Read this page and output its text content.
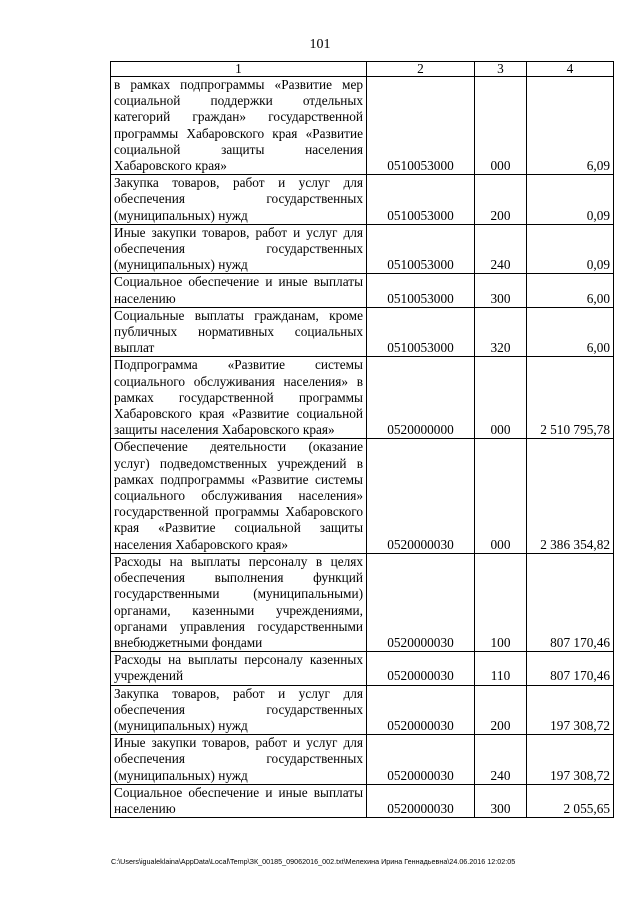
101
1	2	3	4
в рамках подпрограммы «Развитие мер социальной поддержки отдельных категорий граждан» государственной программы Хабаровского края «Развитие социальной защиты населения Хабаровского края»	0510053000	000	6,09
Закупка товаров, работ и услуг для обеспечения государственных (муниципальных) нужд	0510053000	200	0,09
Иные закупки товаров, работ и услуг для обеспечения государственных (муниципальных) нужд	0510053000	240	0,09
Социальное обеспечение и иные выплаты населению	0510053000	300	6,00
Социальные выплаты гражданам, кроме публичных нормативных социальных выплат	0510053000	320	6,00
Подпрограмма «Развитие системы социального обслуживания населения» в рамках государственной программы Хабаровского края «Развитие социальной защиты населения Хабаровского края»	0520000000	000	2 510 795,78
Обеспечение деятельности (оказание услуг) подведомственных учреждений в рамках подпрограммы «Развитие системы социального обслуживания населения» государственной программы Хабаровского края «Развитие социальной защиты населения Хабаровского края»	0520000030	000	2 386 354,82
Расходы на выплаты персоналу в целях обеспечения выполнения функций государственными (муниципальными) органами, казенными учреждениями, органами управления государственными внебюджетными фондами	0520000030	100	807 170,46
Расходы на выплаты персоналу казенных учреждений	0520000030	110	807 170,46
Закупка товаров, работ и услуг для обеспечения государственных (муниципальных) нужд	0520000030	200	197 308,72
Иные закупки товаров, работ и услуг для обеспечения государственных (муниципальных) нужд	0520000030	240	197 308,72
Социальное обеспечение и иные выплаты населению	0520000030	300	2 055,65
C:\Users\igualeklaina\AppData\Local\Temp\ЗК_00185_09062016_002.txt\Мелехина Ирина Геннадьевна\24.06.2016 12:02:05
